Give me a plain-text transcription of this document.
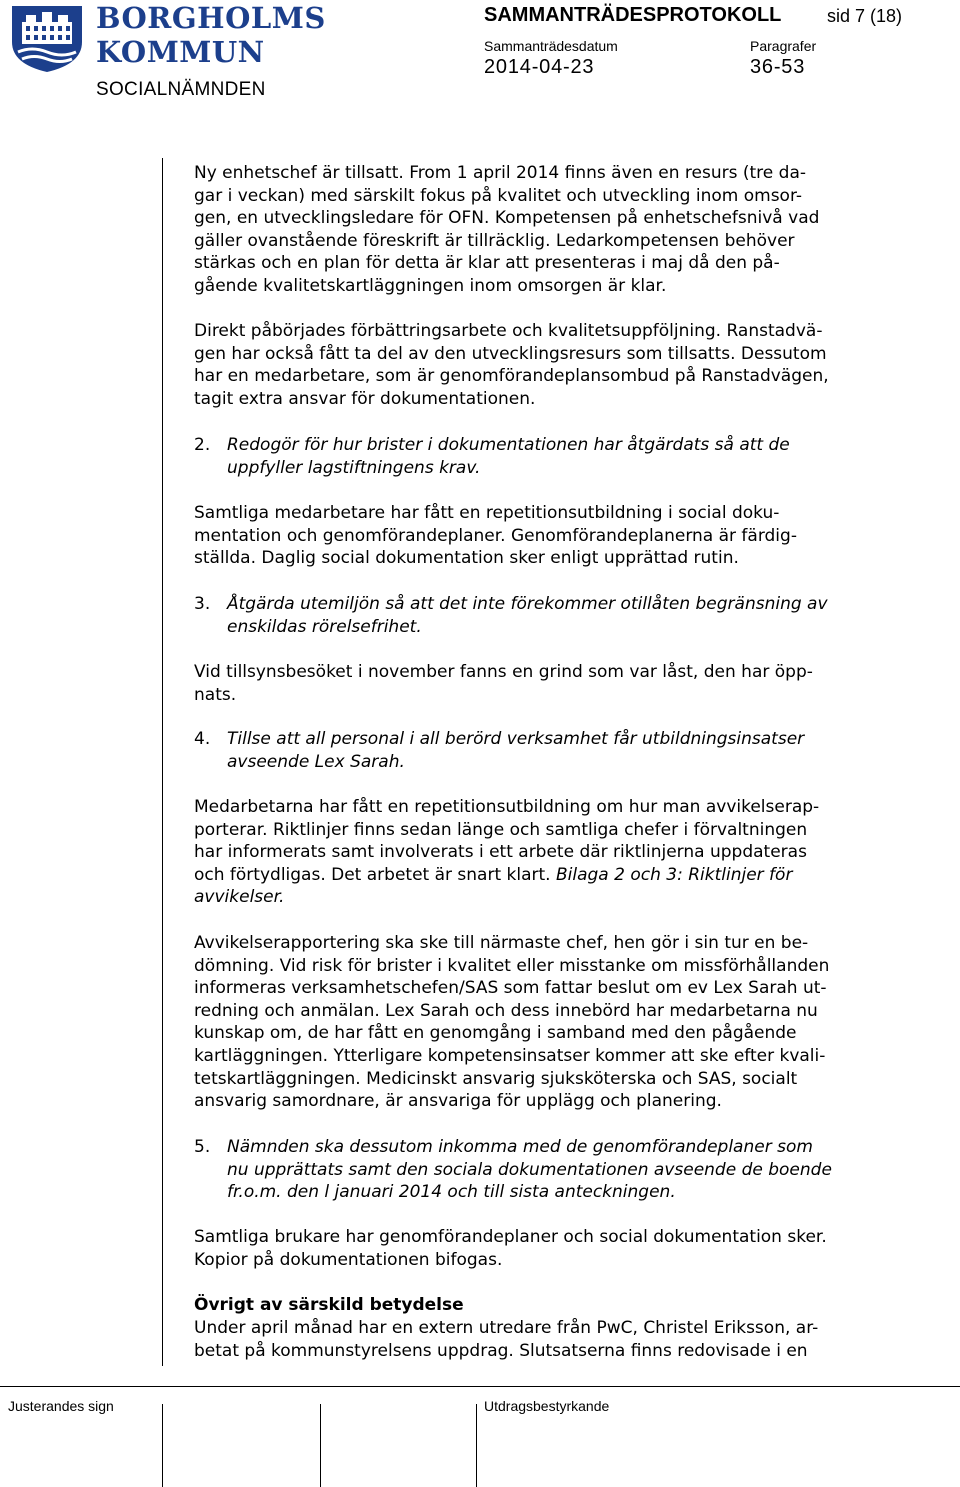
BORGHOLMS
KOMMUN
SOCIALNÄMNDEN
SAMMANTRÄDESPROTOKOLL	sid 7 (18)
Sammanträdesdatum
2014-04-23
Paragrafer
36-53
Ny enhetschef är tillsatt. From 1 april 2014 finns även en resurs (tre da-
gar i veckan) med särskilt fokus på kvalitet och utveckling inom omsor-
gen, en utvecklingsledare för OFN. Kompetensen på enhetschefsnivå vad
gäller ovanstående föreskrift är tillräcklig. Ledarkompetensen behöver
stärkas och en plan för detta är klar att presenteras i maj då den på-
gående kvalitetskartläggningen inom omsorgen är klar.
Direkt påbörjades förbättringsarbete och kvalitetsuppföljning. Ranstadvä-
gen har också fått ta del av den utvecklingsresurs som tillsatts. Dessutom
har en medarbetare, som är genomförandeplansombud på Ranstadvägen,
tagit extra ansvar för dokumentationen.
2. Redogör för hur brister i dokumentationen har åtgärdats så att de
uppfyller lagstiftningens krav.
Samtliga medarbetare har fått en repetitionsutbildning i social doku-
mentation och genomförandeplaner. Genomförandeplanerna är färdig-
ställda. Daglig social dokumentation sker enligt upprättad rutin.
3. Åtgärda utemiljön så att det inte förekommer otillåten begränsning av
enskildas rörelsefrihet.
Vid tillsynsbesöket i november fanns en grind som var låst, den har öpp-
nats.
4. Tillse att all personal i all berörd verksamhet får utbildningsinsatser
avseende Lex Sarah.
Medarbetarna har fått en repetitionsutbildning om hur man avvikelserap-
porterar. Riktlinjer finns sedan länge och samtliga chefer i förvaltningen
har informerats samt involverats i ett arbete där riktlinjerna uppdateras
och förtydligas. Det arbetet är snart klart. Bilaga 2 och 3: Riktlinjer för
avvikelser.
Avvikelserapportering ska ske till närmaste chef, hen gör i sin tur en be-
dömning. Vid risk för brister i kvalitet eller misstanke om missförhållanden
informeras verksamhetschefen/SAS som fattar beslut om ev Lex Sarah ut-
redning och anmälan. Lex Sarah och dess innebörd har medarbetarna nu
kunskap om, de har fått en genomgång i samband med den pågående
kartläggningen. Ytterligare kompetensinsatser kommer att ske efter kvali-
tetskartläggningen. Medicinskt ansvarig sjuksköterska och SAS, socialt
ansvarig samordnare, är ansvariga för upplägg och planering.
5. Nämnden ska dessutom inkomma med de genomförandeplaner som
nu upprättats samt den sociala dokumentationen avseende de boende
fr.o.m. den l januari 2014 och till sista anteckningen.
Samtliga brukare har genomförandeplaner och social dokumentation sker.
Kopior på dokumentationen bifogas.
Övrigt av särskild betydelse
Under april månad har en extern utredare från PwC, Christel Eriksson, ar-
betat på kommunstyrelsens uppdrag. Slutsatserna finns redovisade i en
Justerandes sign	Utdragsbestyrkande
